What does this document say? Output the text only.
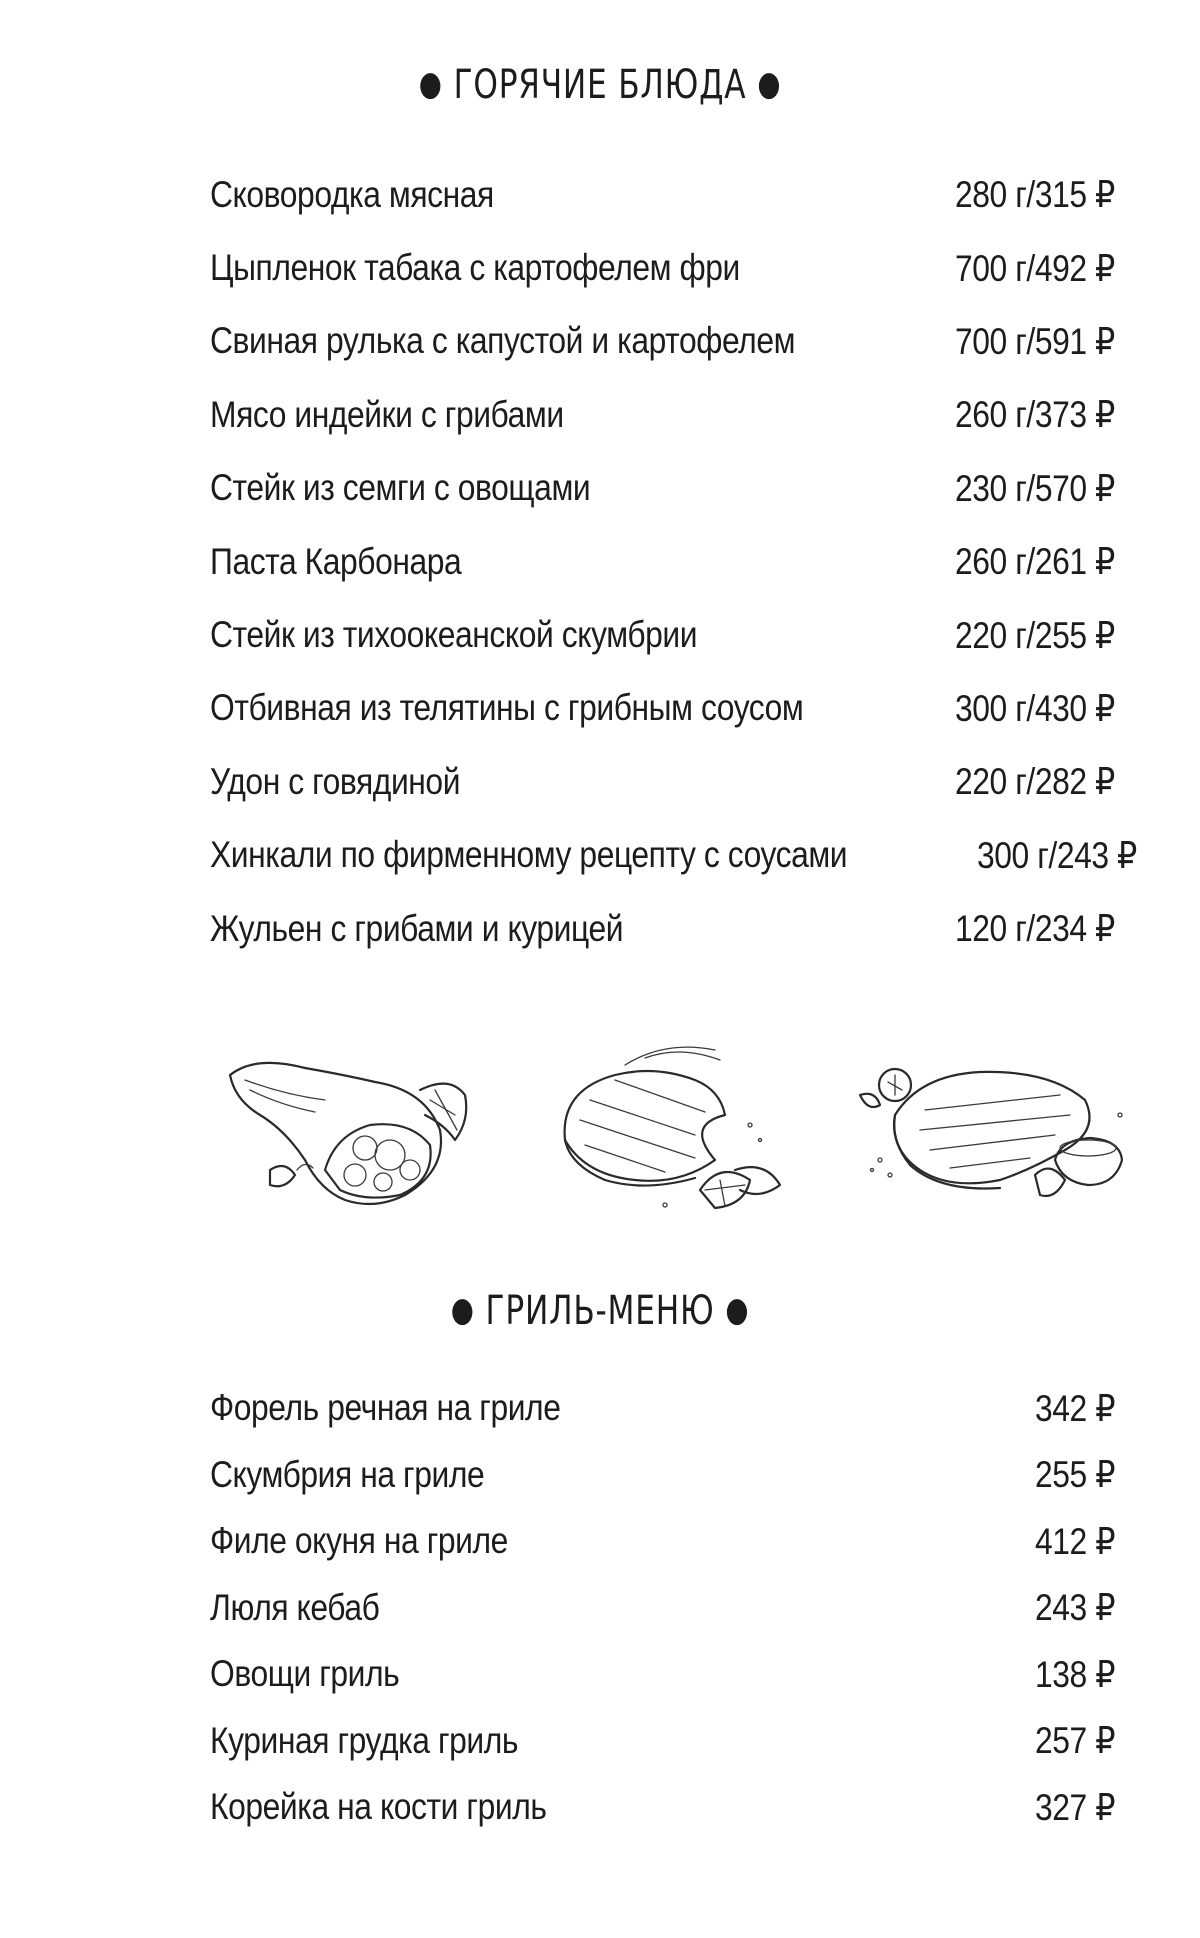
● ГОРЯЧИЕ БЛЮДА ●
Сковородка мясная	280 г/315 ₽
Цыпленок табака с картофелем фри	700 г/492 ₽
Свиная рулька с капустой и картофелем	700 г/591 ₽
Мясо индейки с грибами	260 г/373 ₽
Стейк из семги с овощами	230 г/570 ₽
Паста Карбонара	260 г/261 ₽
Стейк из тихоокеанской скумбрии	220 г/255 ₽
Отбивная из телятины с грибным соусом	300 г/430 ₽
Удон с говядиной	220 г/282 ₽
Хинкали по фирменному рецепту с соусами	300 г/243 ₽
Жульен с грибами и курицей	120 г/234 ₽
● ГРИЛЬ-МЕНЮ ●
Форель речная на гриле	342 ₽
Скумбрия на гриле	255 ₽
Филе окуня на гриле	412 ₽
Люля кебаб	243 ₽
Овощи гриль	138 ₽
Куриная грудка гриль	257 ₽
Корейка на кости гриль	327 ₽
